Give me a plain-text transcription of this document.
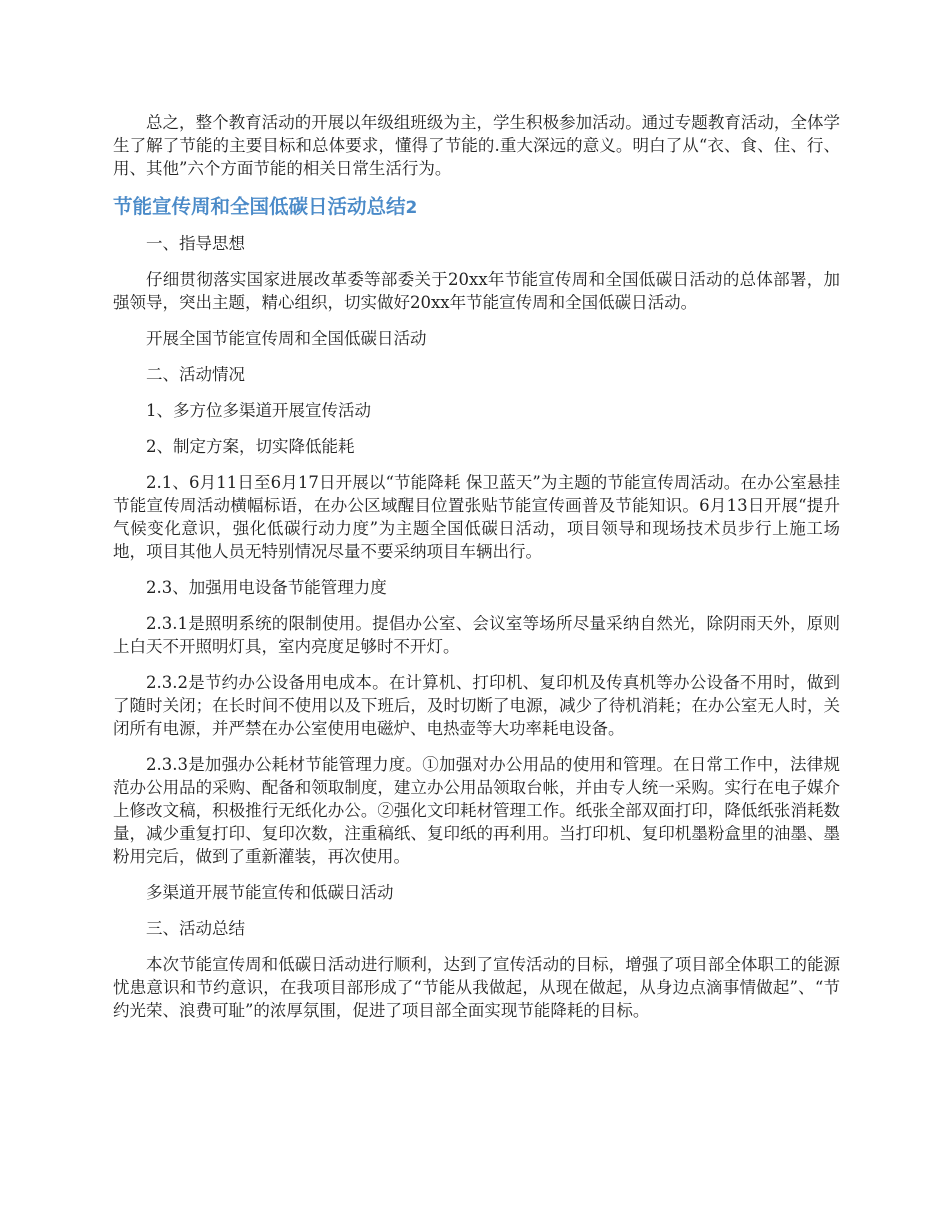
总之，整个教育活动的开展以年级组班级为主，学生积极参加活动。通过专题教育活动，全体学生了解了节能的主要目标和总体要求，懂得了节能的.重大深远的意义。明白了从“衣、食、住、行、用、其他”六个方面节能的相关日常生活行为。

节能宣传周和全国低碳日活动总结2

一、指导思想

仔细贯彻落实国家进展改革委等部委关于20xx年节能宣传周和全国低碳日活动的总体部署，加强领导，突出主题，精心组织，切实做好20xx年节能宣传周和全国低碳日活动。

开展全国节能宣传周和全国低碳日活动

二、活动情况

1、多方位多渠道开展宣传活动

2、制定方案，切实降低能耗

2.1、6月11日至6月17日开展以“节能降耗 保卫蓝天”为主题的节能宣传周活动。在办公室悬挂节能宣传周活动横幅标语，在办公区域醒目位置张贴节能宣传画普及节能知识。6月13日开展“提升气候变化意识，强化低碳行动力度”为主题全国低碳日活动，项目领导和现场技术员步行上施工场地，项目其他人员无特别情况尽量不要采纳项目车辆出行。

2.3、加强用电设备节能管理力度

2.3.1是照明系统的限制使用。提倡办公室、会议室等场所尽量采纳自然光，除阴雨天外，原则上白天不开照明灯具，室内亮度足够时不开灯。

2.3.2是节约办公设备用电成本。在计算机、打印机、复印机及传真机等办公设备不用时，做到了随时关闭；在长时间不使用以及下班后，及时切断了电源，减少了待机消耗；在办公室无人时，关闭所有电源，并严禁在办公室使用电磁炉、电热壶等大功率耗电设备。

2.3.3是加强办公耗材节能管理力度。①加强对办公用品的使用和管理。在日常工作中，法律规范办公用品的采购、配备和领取制度，建立办公用品领取台帐，并由专人统一采购。实行在电子媒介上修改文稿，积极推行无纸化办公。②强化文印耗材管理工作。纸张全部双面打印，降低纸张消耗数量，减少重复打印、复印次数，注重稿纸、复印纸的再利用。当打印机、复印机墨粉盒里的油墨、墨粉用完后，做到了重新灌装，再次使用。

多渠道开展节能宣传和低碳日活动

三、活动总结

本次节能宣传周和低碳日活动进行顺利，达到了宣传活动的目标，增强了项目部全体职工的能源忧患意识和节约意识，在我项目部形成了“节能从我做起，从现在做起，从身边点滴事情做起”、“节约光荣、浪费可耻”的浓厚氛围，促进了项目部全面实现节能降耗的目标。
